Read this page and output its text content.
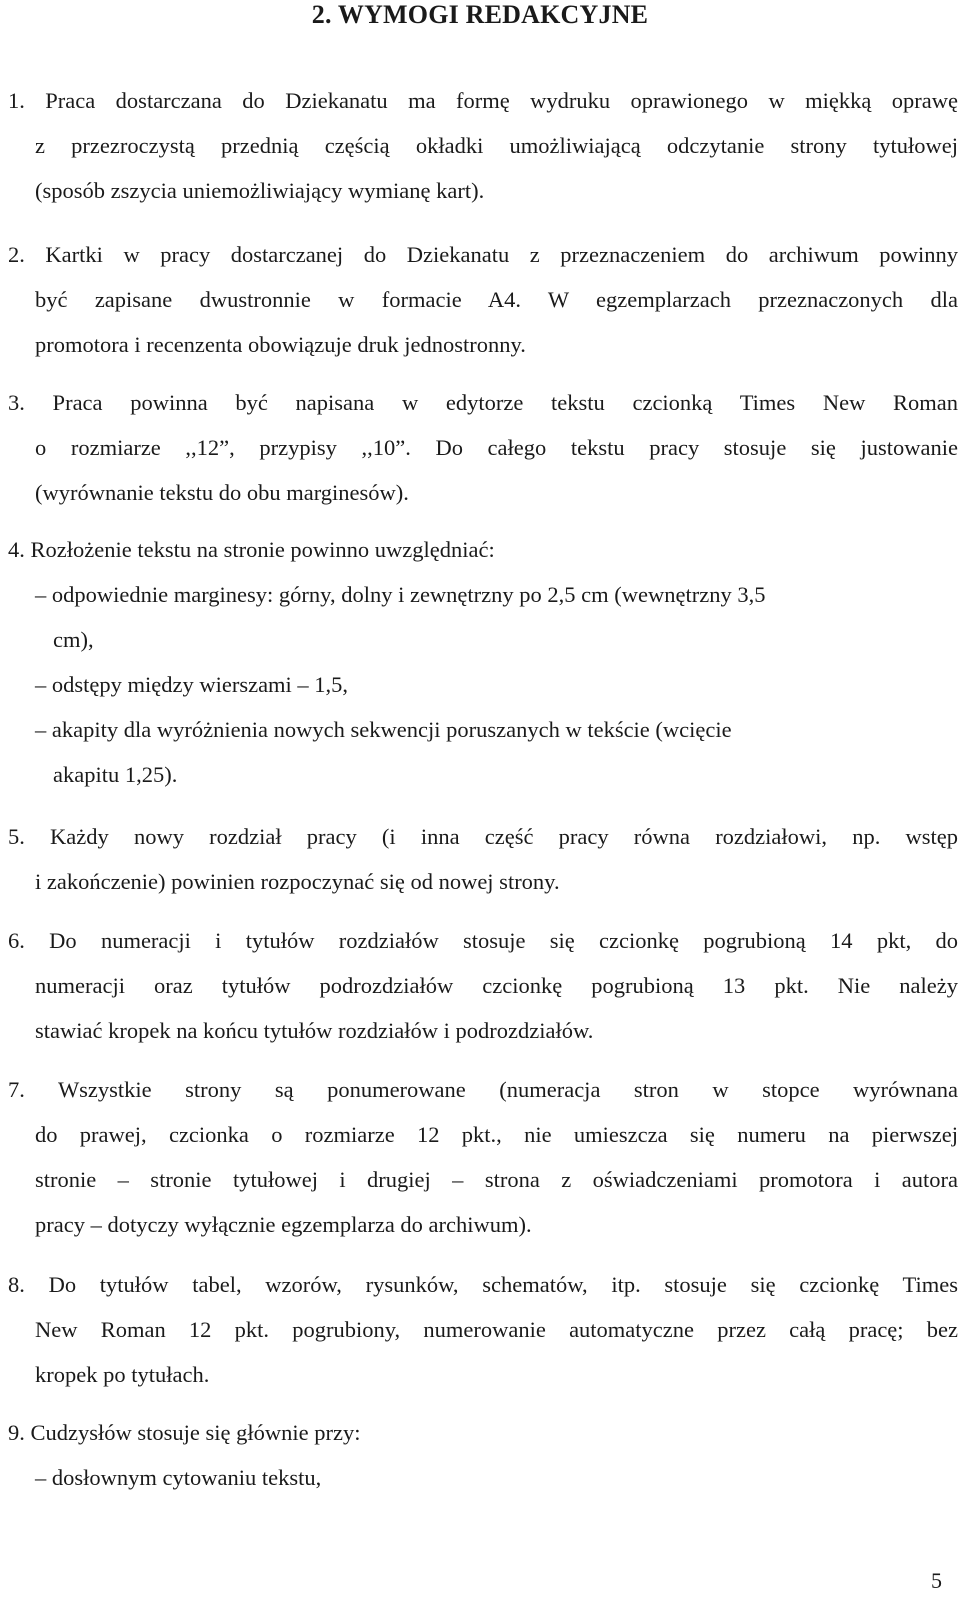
2. WYMOGI REDAKCYJNE
1. Praca dostarczana do Dziekanatu ma formę wydruku oprawionego w miękką oprawę
z przezroczystą przednią częścią okładki umożliwiającą odczytanie strony tytułowej
(sposób zszycia uniemożliwiający wymianę kart).
2. Kartki w pracy dostarczanej do Dziekanatu z przeznaczeniem do archiwum powinny
być zapisane dwustronnie w formacie A4. W egzemplarzach przeznaczonych dla
promotora i recenzenta obowiązuje druk jednostronny.
3. Praca powinna być napisana w edytorze tekstu czcionką Times New Roman
o rozmiarze ,,12”, przypisy ,,10”. Do całego tekstu pracy stosuje się justowanie
(wyrównanie tekstu do obu marginesów).
4. Rozłożenie tekstu na stronie powinno uwzględniać:
– odpowiednie marginesy: górny, dolny i zewnętrzny po 2,5 cm (wewnętrzny 3,5
cm),
– odstępy między wierszami – 1,5,
– akapity dla wyróżnienia nowych sekwencji poruszanych w tekście (wcięcie
akapitu 1,25).
5. Każdy nowy rozdział pracy (i inna część pracy równa rozdziałowi, np. wstęp
i zakończenie) powinien rozpoczynać się od nowej strony.
6. Do numeracji i tytułów rozdziałów stosuje się czcionkę pogrubioną 14 pkt, do
numeracji oraz tytułów podrozdziałów czcionkę pogrubioną 13 pkt. Nie należy
stawiać kropek na końcu tytułów rozdziałów i podrozdziałów.
7. Wszystkie strony są ponumerowane (numeracja stron w stopce wyrównana
do prawej, czcionka o rozmiarze 12 pkt., nie umieszcza się numeru na pierwszej
stronie – stronie tytułowej i drugiej – strona z oświadczeniami promotora i autora
pracy – dotyczy wyłącznie egzemplarza do archiwum).
8. Do tytułów tabel, wzorów, rysunków, schematów, itp. stosuje się czcionkę Times
New Roman 12 pkt. pogrubiony, numerowanie automatyczne przez całą pracę; bez
kropek po tytułach.
9. Cudzysłów stosuje się głównie przy:
– dosłownym cytowaniu tekstu,
5
